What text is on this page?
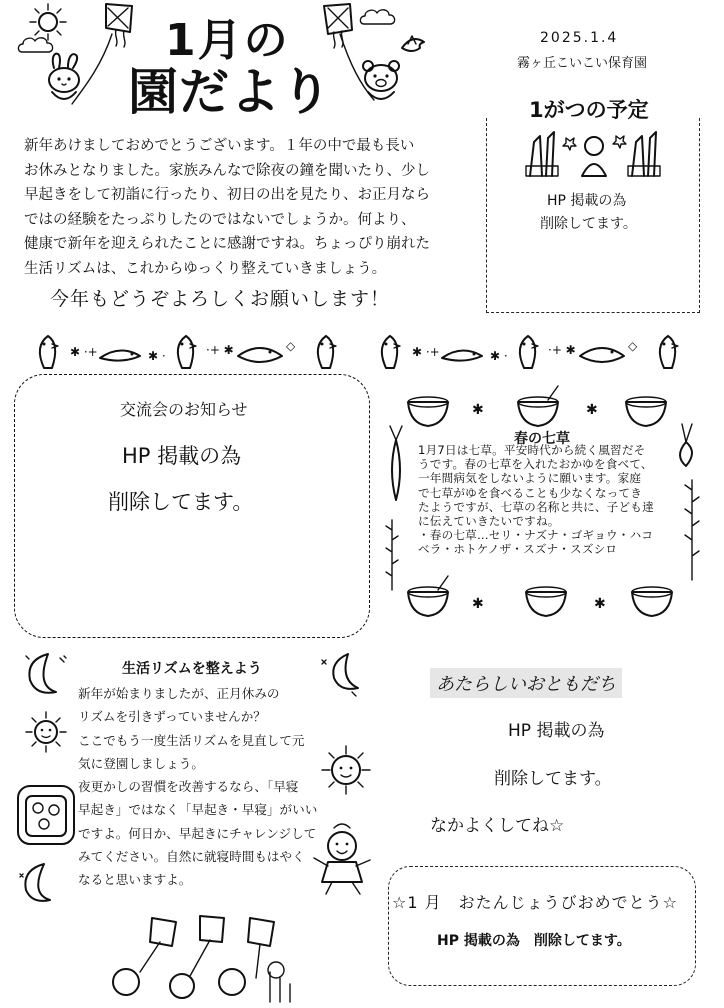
1月の
園だより
2025.1.4
霧ヶ丘こいこい保育園

新年あけましておめでとうございます。１年の中で最も長い

お休みとなりました。家族みんなで除夜の鐘を聞いたり、少し

早起きをして初詣に行ったり、初日の出を見たり、お正月なら

ではの経験をたっぷりしたのではないでしょうか。何より、

健康で新年を迎えられたことに感謝ですね。ちょっぴり崩れた

生活リズムは、これからゆっくり整えていきましょう。

今年もどうぞよろしくお願いします！
1がつの予定
HP 掲載の為
削除してます。
✱ ·+	✱ ·	·+ ✱	◇	✱ ·+	✱ ·	·+ ✱	◇
交流会のお知らせ
HP 掲載の為
削除してます。
✱	✱
✱	✱
春の七草

1月7日は七草。平安時代から続く風習だそ

うです。春の七草を入れたおかゆを食べて、

一年間病気をしないように願います。家庭

で七草がゆを食べることも少なくなってき

たようですが、七草の名称と共に、子ども達

に伝えていきたいですね。

・春の七草…セリ・ナズナ・ゴギョウ・ハコ

ベラ・ホトケノザ・スズナ・スズシロ

生活リズムを整えよう

新年が始まりましたが、正月休みの

リズムを引きずっていませんか？

ここでもう一度生活リズムを見直して元

気に登園しましょう。

夜更かしの習慣を改善するなら、「早寝

早起き」ではなく「早起き・早寝」がいい

ですよ。何日か、早起きにチャレンジして

みてください。自然に就寝時間もはやく

なると思いますよ。

あたらしいおともだち
HP 掲載の為
削除してます。
なかよくしてね☆
☆1 月　おたんじょうびおめでとう☆
HP 掲載の為　削除してます。
